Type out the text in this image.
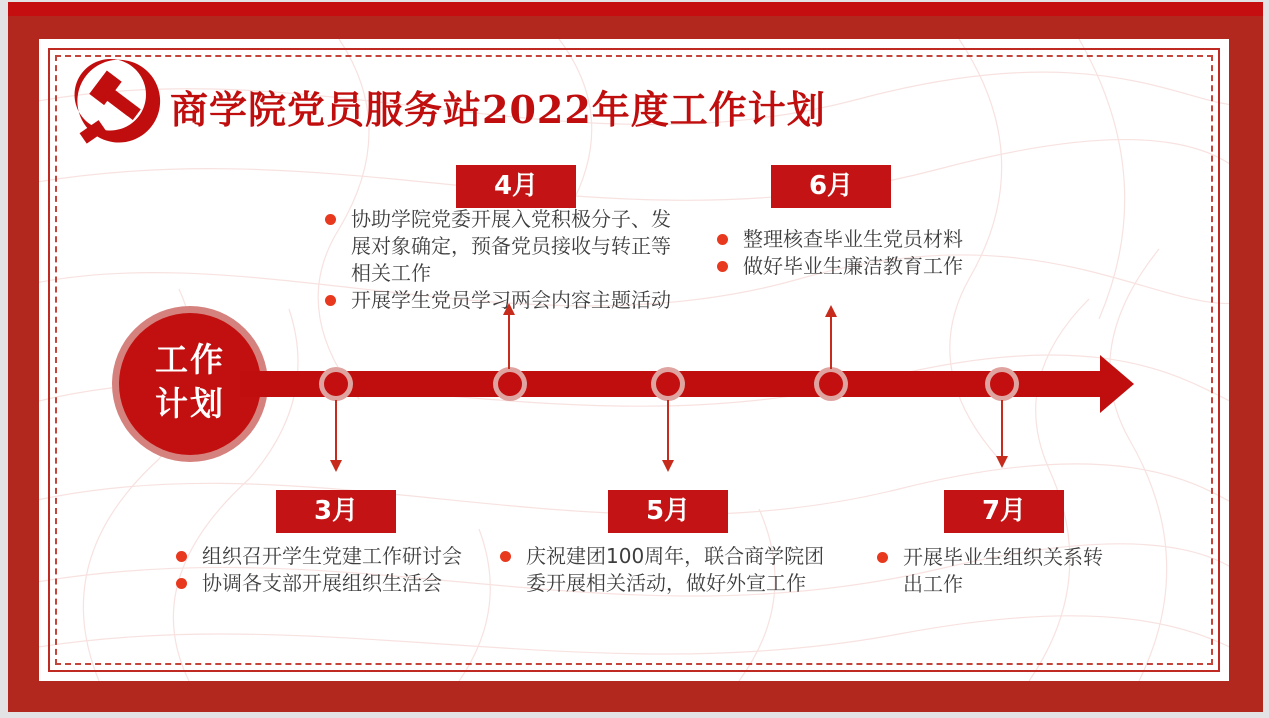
商学院党员服务站2022年度工作计划
工作
计划
3月
4月
5月
6月
7月
协助学院党委开展入党积极分子、发展对象确定，预备党员接收与转正等相关工作
开展学生党员学习两会内容主题活动
整理核查毕业生党员材料
做好毕业生廉洁教育工作
组织召开学生党建工作研讨会
协调各支部开展组织生活会
庆祝建团100周年，联合商学院团委开展相关活动，做好外宣工作
开展毕业生组织关系转出工作
